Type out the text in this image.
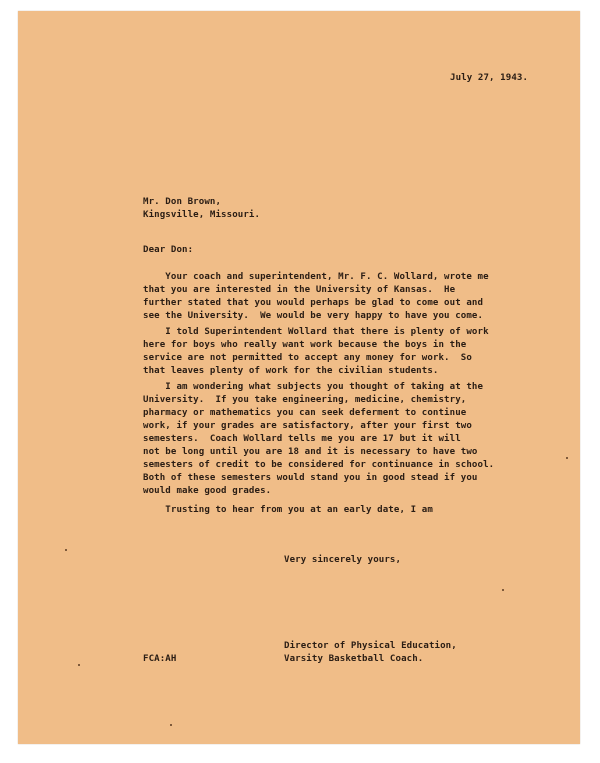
July 27, 1943.

Mr. Don Brown,
Kingsville, Missouri.

Dear Don:

Your coach and superintendent, Mr. F. C. Wollard, wrote me
that you are interested in the University of Kansas.  He
further stated that you would perhaps be glad to come out and
see the University.  We would be very happy to have you come.
I told Superintendent Wollard that there is plenty of work
here for boys who really want work because the boys in the
service are not permitted to accept any money for work.  So
that leaves plenty of work for the civilian students.
I am wondering what subjects you thought of taking at the
University.  If you take engineering, medicine, chemistry,
pharmacy or mathematics you can seek deferment to continue
work, if your grades are satisfactory, after your first two
semesters.  Coach Wollard tells me you are 17 but it will
not be long until you are 18 and it is necessary to have two
semesters of credit to be considered for continuance in school.
Both of these semesters would stand you in good stead if you
would make good grades.
Trusting to hear from you at an early date, I am

Very sincerely yours,

Director of Physical Education,
Varsity Basketball Coach.

FCA:AH
